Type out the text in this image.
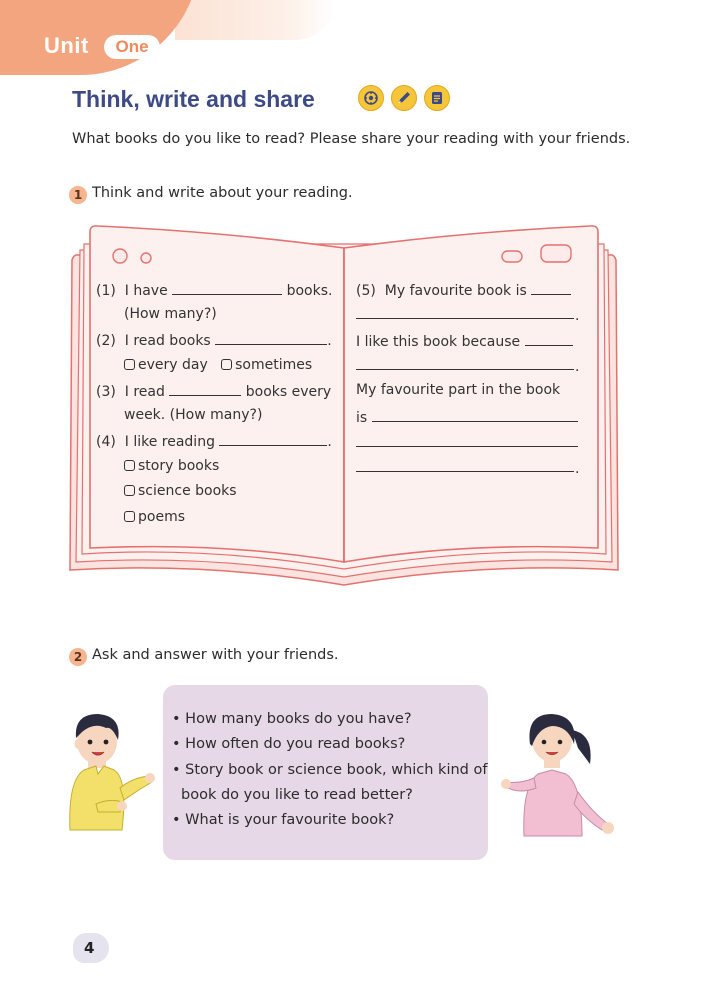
Unit	One
Think, write and share
What books do you like to read? Please share your reading with your friends.
1 Think and write about your reading.
(1) I have	books.
(How many?)
(2) I read books	.
every day sometimes
(3) I read	books every
week. (How many?)
(4) I like reading	.
story books
science books
poems
(5) My favourite book is
.
I like this book because
.
My favourite part in the book
is
.
2 Ask and answer with your friends.
• How many books do you have?
• How often do you read books?
• Story book or science book, which kind of
book do you like to read better?
• What is your favourite book?
4
